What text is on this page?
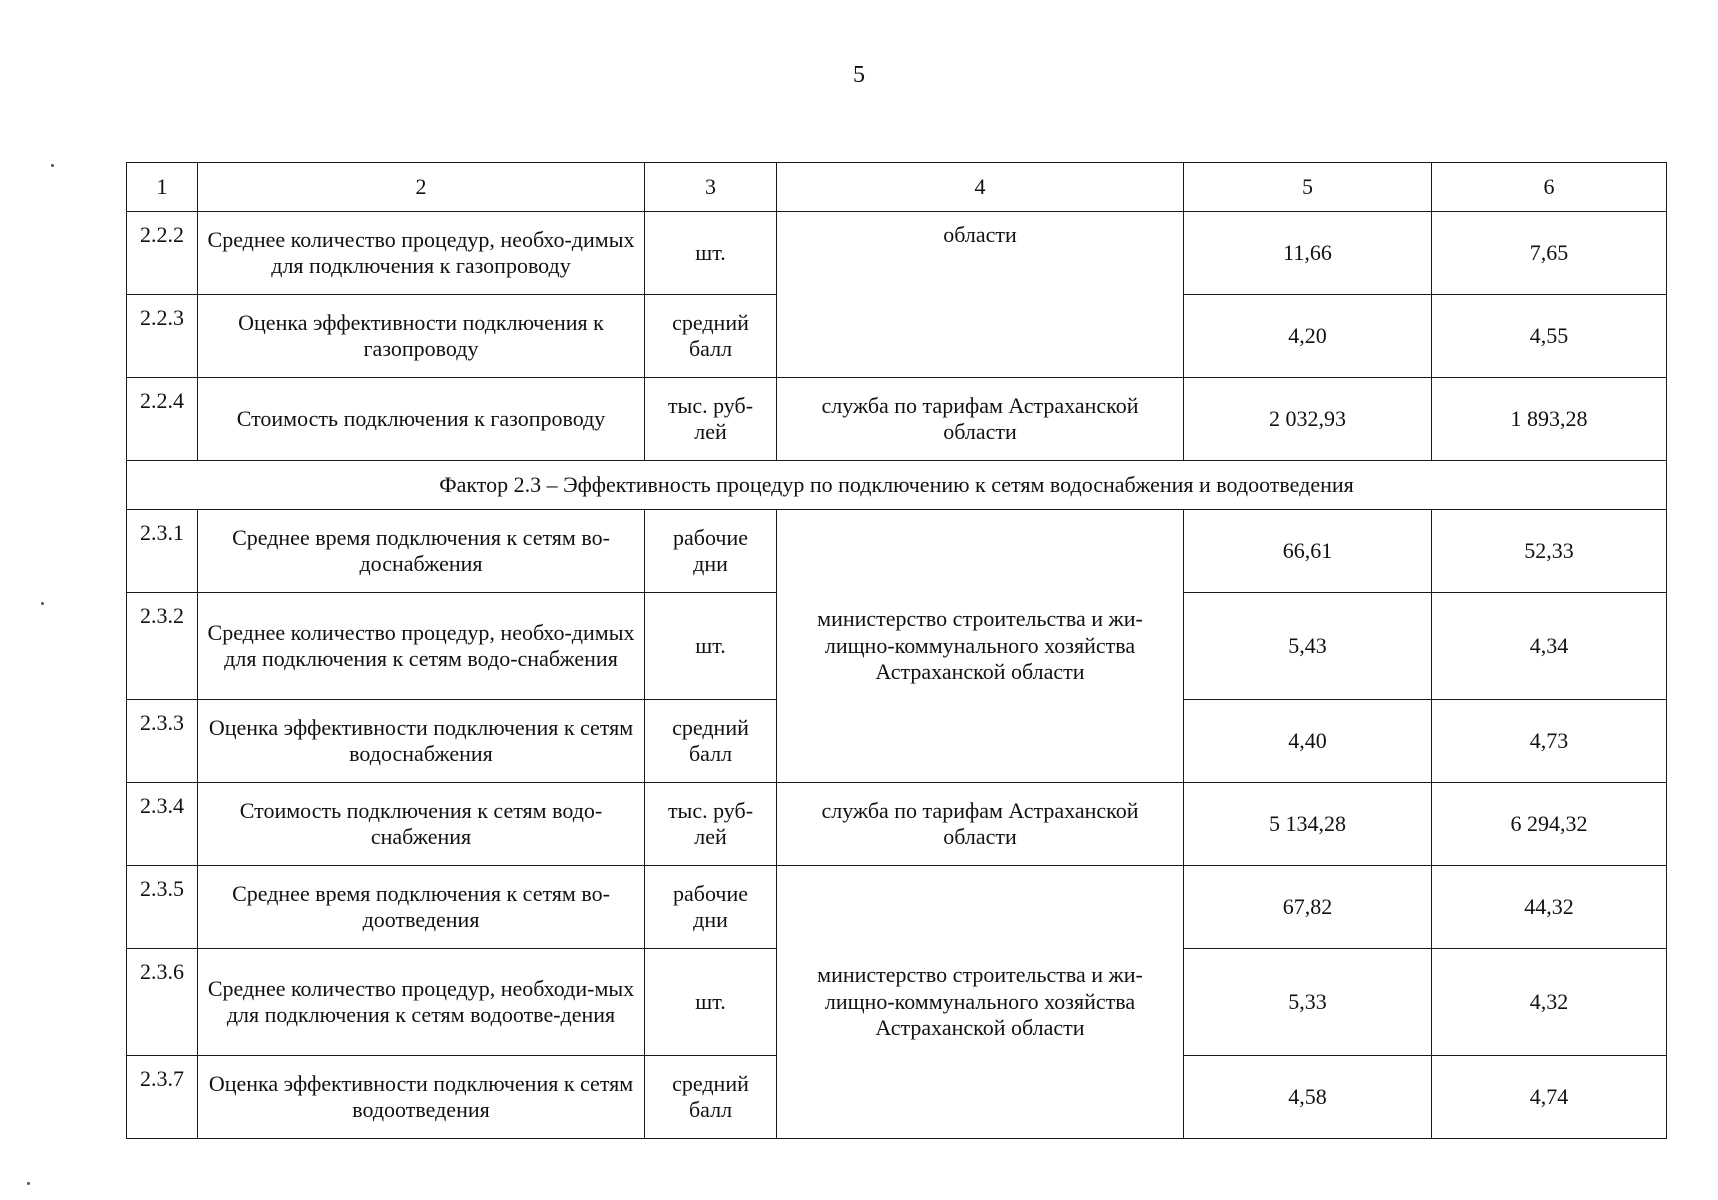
5
1	2	3	4	5	6
2.2.2	Среднее количество процедур, необхо-димых для подключения к газопроводу	шт.	области	11,66	7,65
2.2.3	Оценка эффективности подключения к газопроводу	средний балл		4,20	4,55
2.2.4	Стоимость подключения к газопроводу	тыс. руб-лей	служба по тарифам Астраханской области	2 032,93	1 893,28
Фактор 2.3 – Эффективность процедур по подключению к сетям водоснабжения и водоотведения					
2.3.1	Среднее время подключения к сетям во-доснабжения	рабочие дни	министерство строительства и жи-лищно-коммунального хозяйства Астраханской области	66,61	52,33
2.3.2	Среднее количество процедур, необхо-димых для подключения к сетям водо-снабжения	шт.		5,43	4,34
2.3.3	Оценка эффективности подключения к сетям водоснабжения	средний балл		4,40	4,73
2.3.4	Стоимость подключения к сетям водо-снабжения	тыс. руб-лей	служба по тарифам Астраханской области	5 134,28	6 294,32
2.3.5	Среднее время подключения к сетям во-доотведения	рабочие дни	министерство строительства и жи-лищно-коммунального хозяйства Астраханской области	67,82	44,32
2.3.6	Среднее количество процедур, необходи-мых для подключения к сетям водоотве-дения	шт.		5,33	4,32
2.3.7	Оценка эффективности подключения к сетям водоотведения	средний балл		4,58	4,74
